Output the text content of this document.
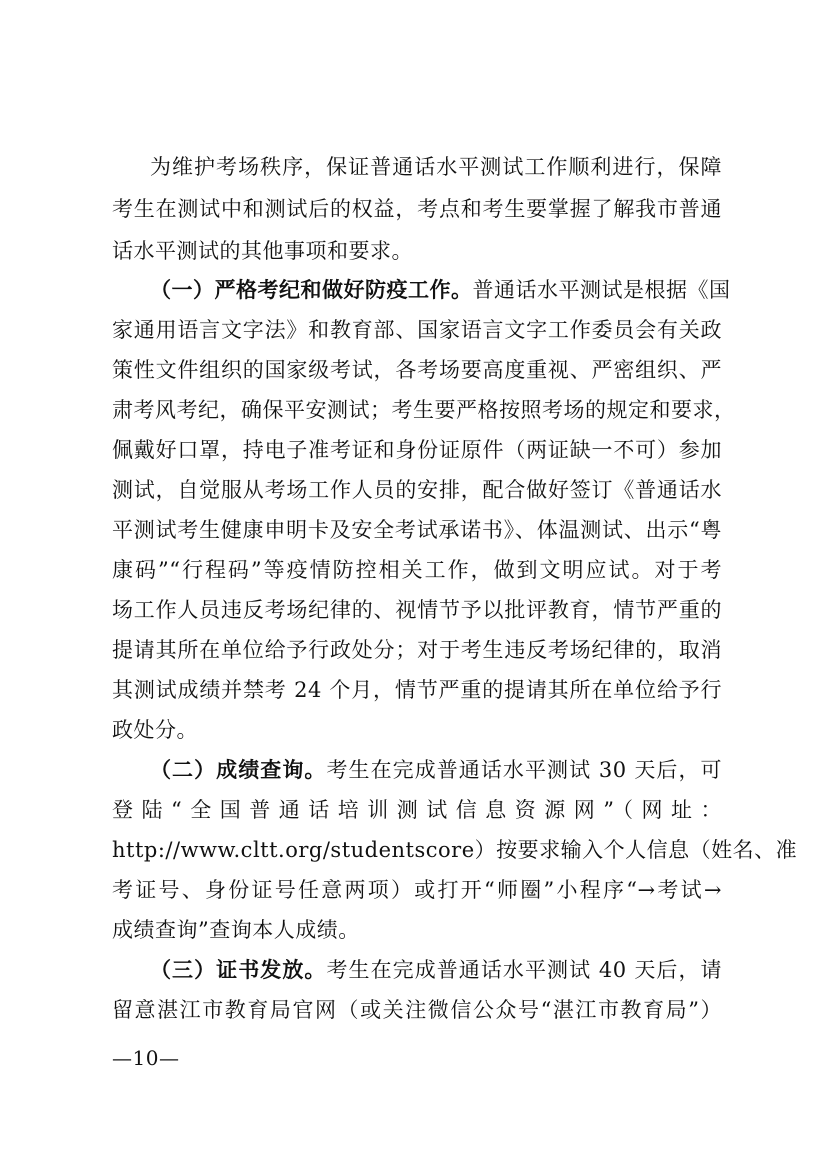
为维护考场秩序，保证普通话水平测试工作顺利进行，保障
考生在测试中和测试后的权益，考点和考生要掌握了解我市普通
话水平测试的其他事项和要求。
（一）严格考纪和做好防疫工作。普通话水平测试是根据《国
家通用语言文字法》和教育部、国家语言文字工作委员会有关政
策性文件组织的国家级考试，各考场要高度重视、严密组织、严
肃考风考纪，确保平安测试；考生要严格按照考场的规定和要求，
佩戴好口罩，持电子准考证和身份证原件（两证缺一不可）参加
测试，自觉服从考场工作人员的安排，配合做好签订《普通话水
平测试考生健康申明卡及安全考试承诺书》、体温测试、出示“粤
康码”“行程码”等疫情防控相关工作，做到文明应试。对于考
场工作人员违反考场纪律的、视情节予以批评教育，情节严重的
提请其所在单位给予行政处分；对于考生违反考场纪律的，取消
其测试成绩并禁考 24 个月，情节严重的提请其所在单位给予行
政处分。
（二）成绩查询。考生在完成普通话水平测试 30 天后，可
登陆“全国普通话培训测试信息资源网”（网址：
http://www.cltt.org/studentscore）按要求输入个人信息（姓名、准
考证号、身份证号任意两项）或打开“师圈”小程序“→考试→
成绩查询”查询本人成绩。
（三）证书发放。考生在完成普通话水平测试 40 天后，请
留意湛江市教育局官网（或关注微信公众号“湛江市教育局”）
—10—
